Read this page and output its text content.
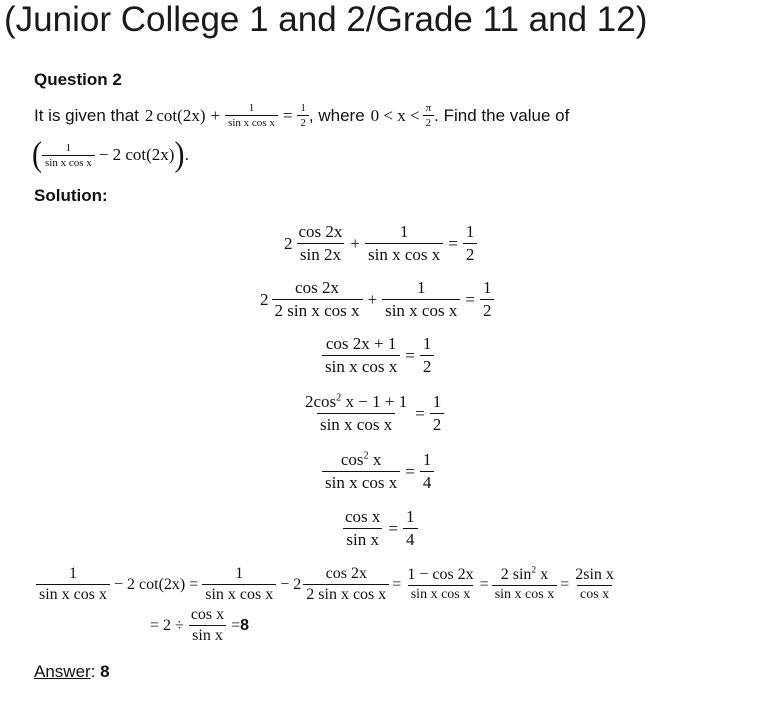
(Junior College 1 and 2/Grade 11 and 12)
Question 2
It is given that 2 $\cot(2x) + \frac{1}{\text{sin x cos x}} = \frac{1}{2}$ , where $0 < x < \frac{\pi}{2}$ . Find the value of
( $\frac{1}{\text{sin x cos x}} - 2$ cot(2x) ) .
Solution:
$2 \frac{\cos 2x}{\sin 2x} + \frac{1}{\text{sin x cos x}} = \frac{1}{2}$
$2 \frac{\cos 2x}{\text{2 sin x cos x}} + \frac{1}{\text{sin x cos x}} = \frac{1}{2}$
$\frac{\cos 2x + 1}{\text{sin x cos x}} = \frac{1}{2}$
$\frac{2\cos^2 x - 1 + 1}{\text{sin x cos x}} = \frac{1}{2}$
$\frac{\cos^2 x}{\text{sin x cos x}} = \frac{1}{4}$
$\frac{\text{cos x}}{\text{sin x}} = \frac{1}{4}$
$\frac{1}{\text{sin x cos x}} - 2$ $\cot(2x) = \frac{1}{\text{sin x cos x}} - 2 \frac{\cos 2x}{\text{2 sin x cos x}} = \frac{1 - \cos 2x}{\text{sin x cos x}} = \frac{2 \sin^2 x}{\text{sin x cos x}} = \frac{\text{2sin x}}{\text{cos x}}$
= $2 \div \frac{\text{cos x}}{\text{sin x}} = 8$
Answer: 8
